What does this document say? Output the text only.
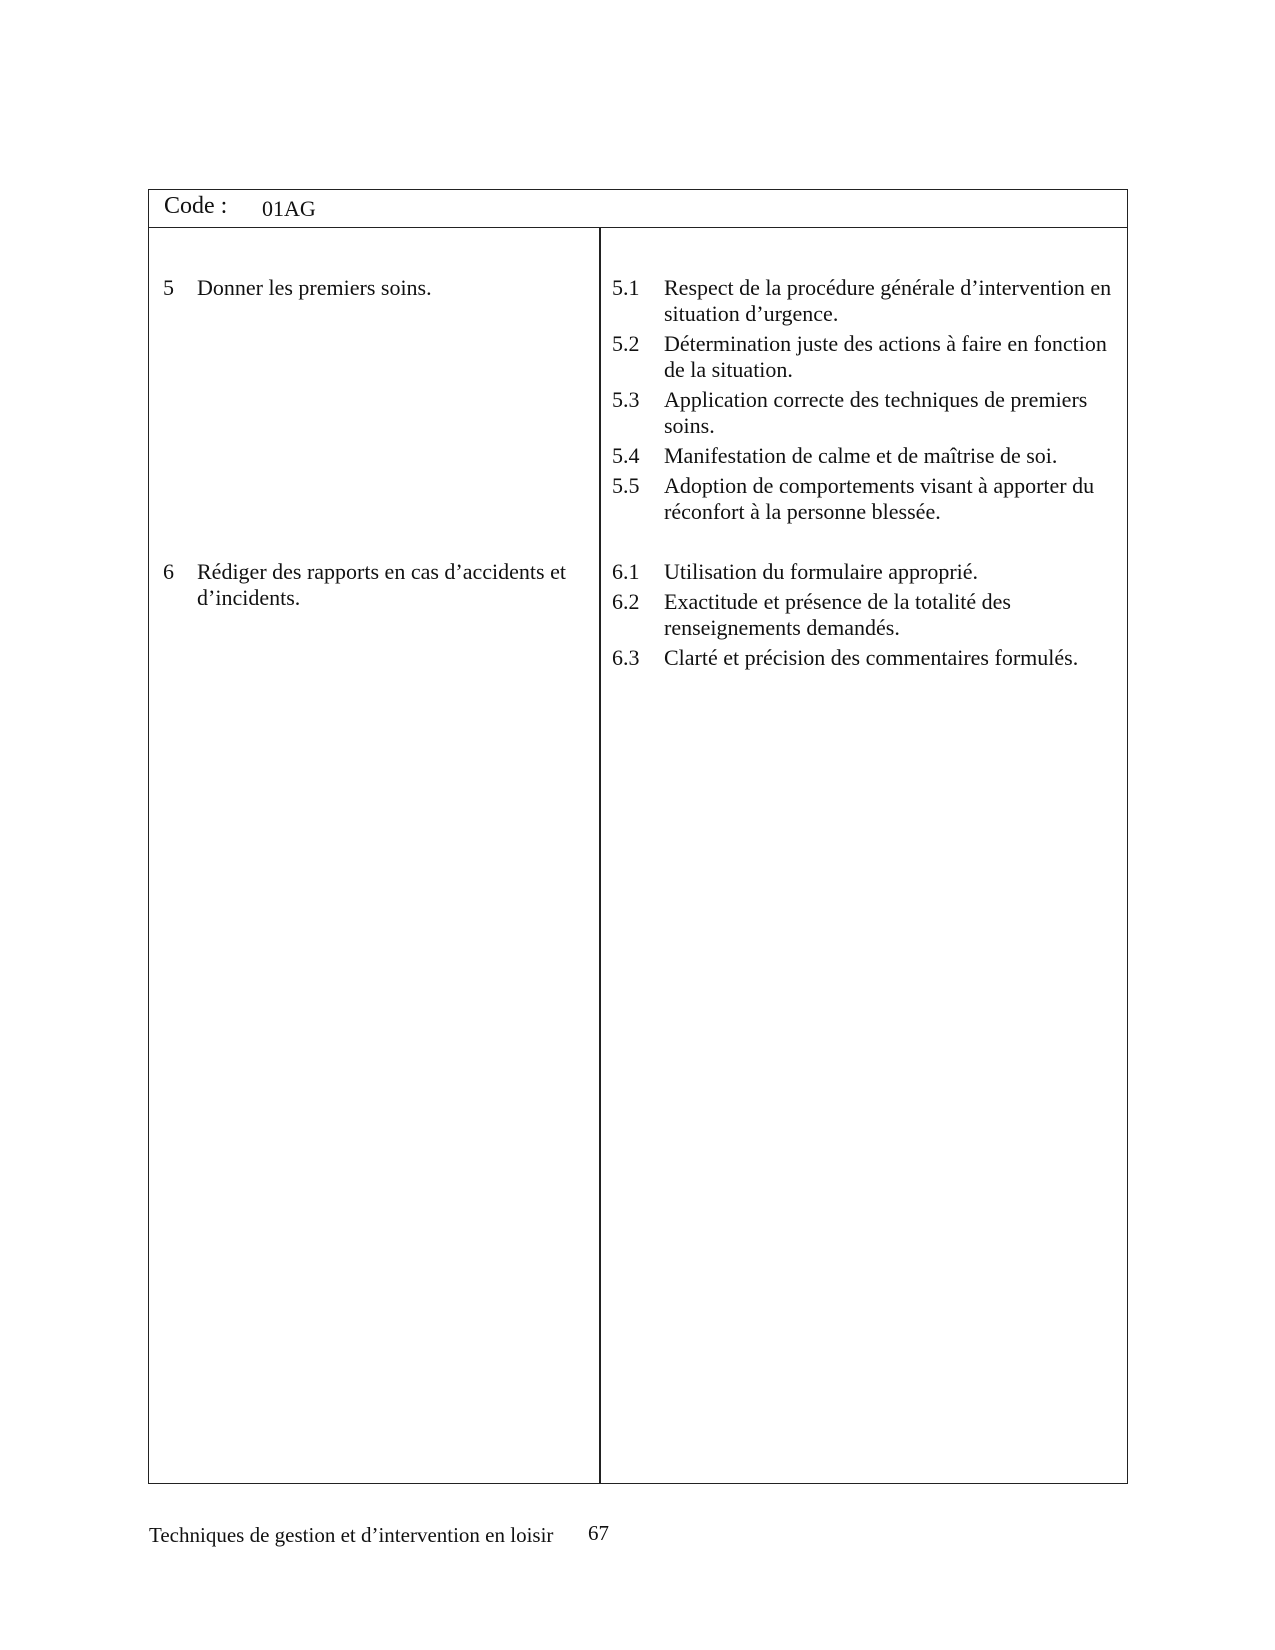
Code : 01AG
5	Donner les premiers soins.
6	Rédiger des rapports en cas d’accidents et d’incidents.
5.1	Respect de la procédure générale d’intervention en situation d’urgence.
5.2	Détermination juste des actions à faire en fonction de la situation.
5.3	Application correcte des techniques de premiers soins.
5.4	Manifestation de calme et de maîtrise de soi.
5.5	Adoption de comportements visant à apporter du réconfort à la personne blessée.
6.1	Utilisation du formulaire approprié.
6.2	Exactitude et présence de la totalité des renseignements demandés.
6.3	Clarté et précision des commentaires formulés.
Techniques de gestion et d’intervention en loisir 67
